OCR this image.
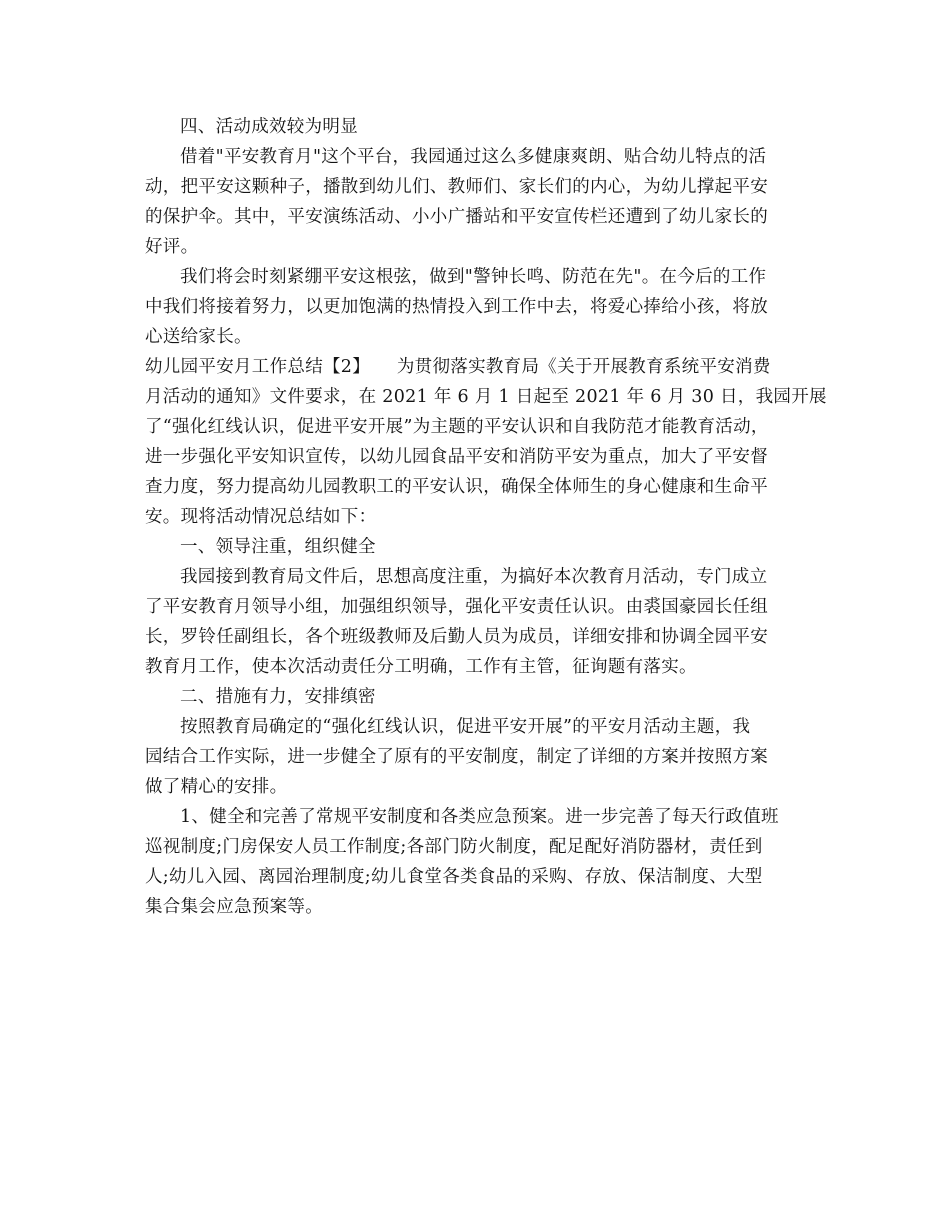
四、活动成效较为明显
借着"平安教育月"这个平台，我园通过这么多健康爽朗、贴合幼儿特点的活
动，把平安这颗种子，播散到幼儿们、教师们、家长们的内心，为幼儿撑起平安
的保护伞。其中，平安演练活动、小小广播站和平安宣传栏还遭到了幼儿家长的
好评。
我们将会时刻紧绷平安这根弦，做到"警钟长鸣、防范在先"。在今后的工作
中我们将接着努力，以更加饱满的热情投入到工作中去，将爱心捧给小孩，将放
心送给家长。
幼儿园平安月工作总结【2】　　为贯彻落实教育局《关于开展教育系统平安消费
月活动的通知》文件要求，在 2021 年 6 月 1 日起至 2021 年 6 月 30 日，我园开展
了“强化红线认识，促进平安开展”为主题的平安认识和自我防范才能教育活动，
进一步强化平安知识宣传，以幼儿园食品平安和消防平安为重点，加大了平安督
查力度，努力提高幼儿园教职工的平安认识，确保全体师生的身心健康和生命平
安。现将活动情况总结如下：
一、领导注重，组织健全
我园接到教育局文件后，思想高度注重，为搞好本次教育月活动，专门成立
了平安教育月领导小组，加强组织领导，强化平安责任认识。由裘国豪园长任组
长，罗铃任副组长，各个班级教师及后勤人员为成员，详细安排和协调全园平安
教育月工作，使本次活动责任分工明确，工作有主管，征询题有落实。
二、措施有力，安排缜密
按照教育局确定的“强化红线认识，促进平安开展”的平安月活动主题，我
园结合工作实际，进一步健全了原有的平安制度，制定了详细的方案并按照方案
做了精心的安排。
1、健全和完善了常规平安制度和各类应急预案。进一步完善了每天行政值班
巡视制度;门房保安人员工作制度;各部门防火制度，配足配好消防器材，责任到
人;幼儿入园、离园治理制度;幼儿食堂各类食品的采购、存放、保洁制度、大型
集合集会应急预案等。
